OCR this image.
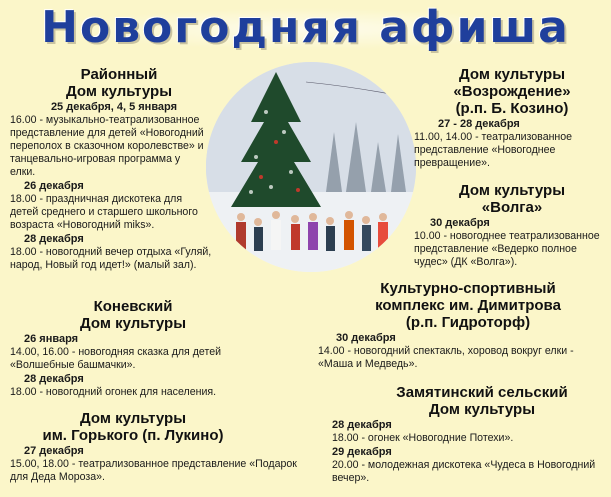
Новогодняя афиша
Районный
Дом культуры
25 декабря, 4, 5 января

16.00 - музыкально-театрализованное представление для детей «Новогодний переполох в сказочном королевстве» и танцевально-игровая программа у елки.

26 декабря

18.00 - праздничная дискотека для детей среднего и старшего школьного возраста «Новогодний miks».

28 декабря

18.00 - новогодний вечер отдыха «Гуляй, народ, Новый год идет!» (малый зал).

Коневский
Дом культуры
26 января

14.00, 16.00 - новогодняя сказка для детей «Волшебные башмачки».

28 декабря

18.00 - новогодний огонек для населения.

Дом культуры
им. Горького (п. Лукино)
27 декабря

15.00, 18.00 - театрализованное представление «Подарок для Деда Мороза».

Дом культуры
«Возрождение»
(р.п. Б. Козино)
27 - 28 декабря

11.00, 14.00 - театрализованное представление «Новогоднее превращение».

Дом культуры
«Волга»
30 декабря

10.00 - новогоднее театрализованное представление «Ведерко полное чудес» (ДК «Волга»).

Культурно-спортивный
комплекс им. Димитрова
(р.п. Гидроторф)
30 декабря

14.00 - новогодний спектакль, хоровод вокруг елки - «Маша и Медведь».

Замятинский сельский
Дом культуры
28 декабря

18.00 - огонек «Новогодние Потехи».

29 декабря

20.00 - молодежная дискотека «Чудеса в Новогодний вечер».
